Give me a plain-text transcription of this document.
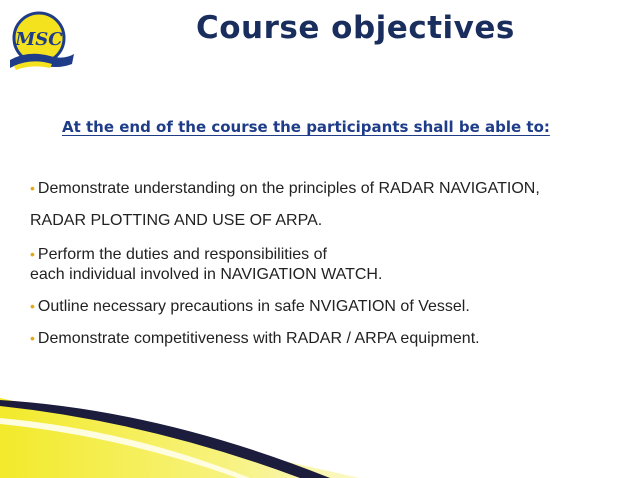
MSC	Course objectives
At the end of the course the participants shall be able to:
• Demonstrate understanding on the principles of RADAR NAVIGATION,
RADAR PLOTTING AND USE OF ARPA.
• Perform the duties and responsibilities of
each individual involved in NAVIGATION WATCH.
• Outline necessary precautions in safe NVIGATION of Vessel.
• Demonstrate competitiveness with RADAR / ARPA equipment.
